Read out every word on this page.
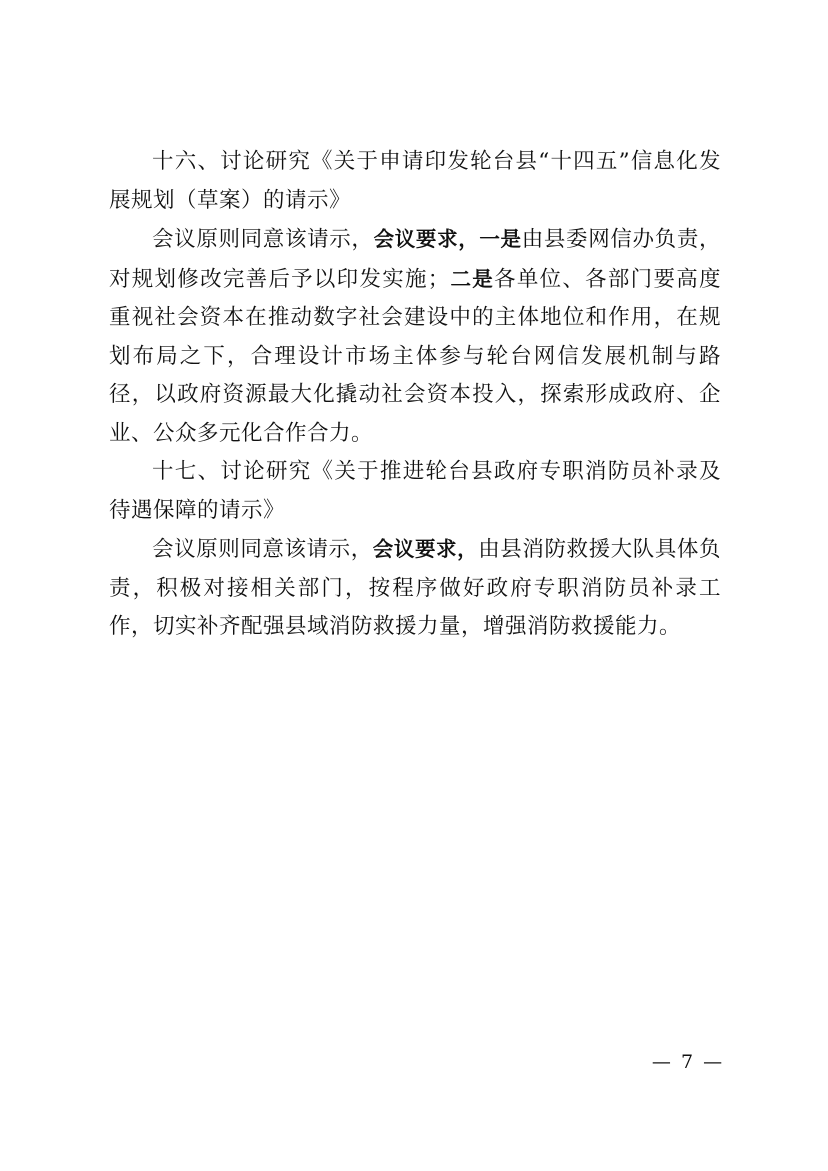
十六、讨论研究《关于申请印发轮台县“十四五”信息化发展规划（草案）的请示》

会议原则同意该请示，会议要求，一是由县委网信办负责，对规划修改完善后予以印发实施；二是各单位、各部门要高度重视社会资本在推动数字社会建设中的主体地位和作用，在规划布局之下，合理设计市场主体参与轮台网信发展机制与路径，以政府资源最大化撬动社会资本投入，探索形成政府、企业、公众多元化合作合力。

十七、讨论研究《关于推进轮台县政府专职消防员补录及待遇保障的请示》

会议原则同意该请示，会议要求，由县消防救援大队具体负责，积极对接相关部门，按程序做好政府专职消防员补录工作，切实补齐配强县域消防救援力量，增强消防救援能力。

— 7 —
